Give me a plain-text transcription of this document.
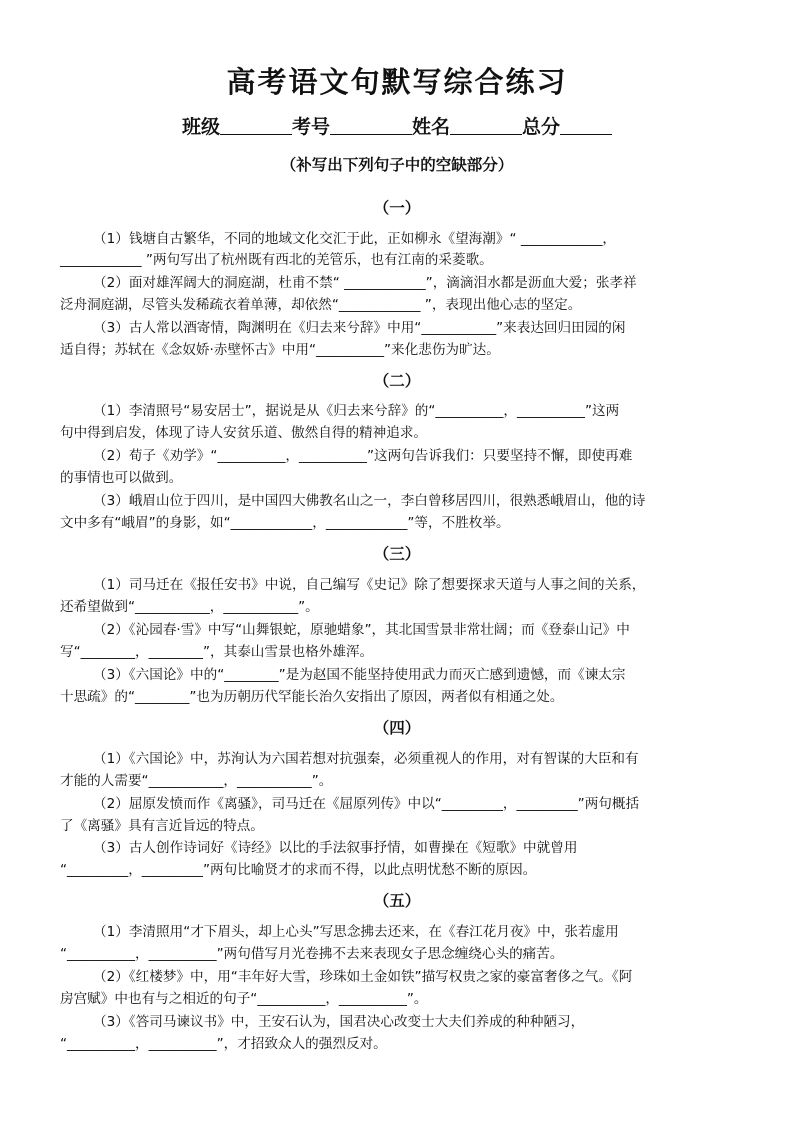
高考语文句默写综合练习
班级	考号	姓名	总分
（补写出下列句子中的空缺部分）
（一）
（1）钱塘自古繁华，不同的地域文化交汇于此，正如柳永《望海潮》“ ____________，
____________ ”两句写出了杭州既有西北的羌管乐，也有江南的采菱歌。
（2）面对雄浑阔大的洞庭湖，杜甫不禁“ ____________”，滴滴泪水都是沥血大爱；张孝祥
泛舟洞庭湖，尽管头发稀疏衣着单薄，却依然“____________ ”，表现出他心志的坚定。
（3）古人常以酒寄情，陶渊明在《归去来兮辞》中用“___________”来表达回归田园的闲
适自得；苏轼在《念奴娇·赤壁怀古》中用“__________”来化悲伤为旷达。
（二）
（1）李清照号“易安居士”，据说是从《归去来兮辞》的“__________，__________”这两
句中得到启发，体现了诗人安贫乐道、傲然自得的精神追求。
（2）荀子《劝学》“__________，__________”这两句告诉我们：只要坚持不懈，即使再难
的事情也可以做到。
（3）峨眉山位于四川，是中国四大佛教名山之一，李白曾移居四川，很熟悉峨眉山，他的诗
文中多有“峨眉”的身影，如“____________，____________”等，不胜枚举。
（三）
（1）司马迁在《报任安书》中说，自己编写《史记》除了想要探求天道与人事之间的关系，
还希望做到“___________，___________”。
（2）《沁园春·雪》中写“山舞银蛇，原驰蜡象”，其北国雪景非常壮阔；而《登泰山记》中
写“________，________”，其泰山雪景也格外雄浑。
（3）《六国论》中的“________”是为赵国不能坚持使用武力而灭亡感到遗憾，而《谏太宗
十思疏》的“________”也为历朝历代罕能长治久安指出了原因，两者似有相通之处。
（四）
（1）《六国论》中，苏洵认为六国若想对抗强秦，必须重视人的作用，对有智谋的大臣和有
才能的人需要“___________，___________”。
（2）屈原发愤而作《离骚》，司马迁在《屈原列传》中以“_________，_________”两句概括
了《离骚》具有言近旨远的特点。
（3）古人创作诗词好《诗经》以比的手法叙事抒情，如曹操在《短歌》中就曾用
“_________，_________”两句比喻贤才的求而不得，以此点明忧愁不断的原因。
（五）
（1）李清照用“才下眉头，却上心头”写思念拂去还来，在《春江花月夜》中，张若虚用
“__________，__________”两句借写月光卷拂不去来表现女子思念缠绕心头的痛苦。
（2）《红楼梦》中，用“丰年好大雪，珍珠如土金如铁”描写权贵之家的豪富奢侈之气。《阿
房宫赋》中也有与之相近的句子“__________，__________”。
（3）《答司马谏议书》中，王安石认为，国君决心改变士大夫们养成的种种陋习，
“__________，__________”，才招致众人的强烈反对。
